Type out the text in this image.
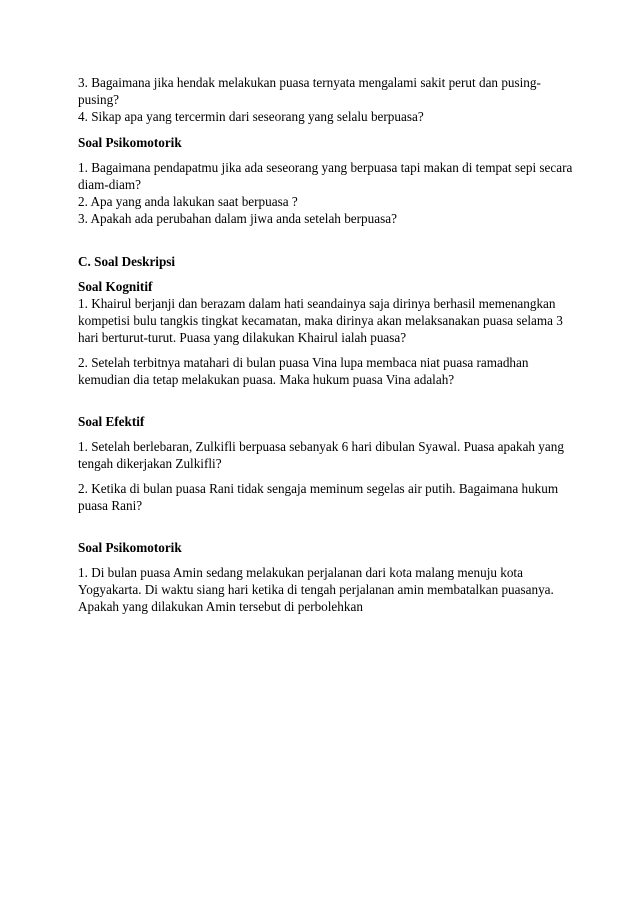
3. Bagaimana jika hendak melakukan puasa ternyata mengalami sakit perut dan pusing-
pusing?

4. Sikap apa yang tercermin dari seseorang yang selalu berpuasa?

Soal Psikomotorik

1. Bagaimana pendapatmu jika ada seseorang yang berpuasa tapi makan di tempat sepi secara
diam-diam?
2. Apa yang anda lakukan saat berpuasa ?
3. Apakah ada perubahan dalam jiwa anda setelah berpuasa?

C. Soal Deskripsi
Soal Kognitif

1. Khairul berjanji dan berazam dalam hati seandainya saja dirinya berhasil memenangkan
kompetisi bulu tangkis tingkat kecamatan, maka dirinya akan melaksanakan puasa selama 3
hari berturut-turut. Puasa yang dilakukan Khairul ialah puasa?

2. Setelah terbitnya matahari di bulan puasa Vina lupa membaca niat puasa ramadhan
kemudian dia tetap melakukan puasa. Maka hukum puasa Vina adalah?

Soal Efektif

1. Setelah berlebaran, Zulkifli berpuasa sebanyak 6 hari dibulan Syawal. Puasa apakah yang
tengah dikerjakan Zulkifli?

2. Ketika di bulan puasa Rani tidak sengaja meminum segelas air putih. Bagaimana hukum
puasa Rani?

Soal Psikomotorik

1. Di bulan puasa Amin sedang melakukan perjalanan dari kota malang menuju kota
Yogyakarta. Di waktu siang hari ketika di tengah perjalanan amin membatalkan puasanya.
Apakah yang dilakukan Amin tersebut di perbolehkan
